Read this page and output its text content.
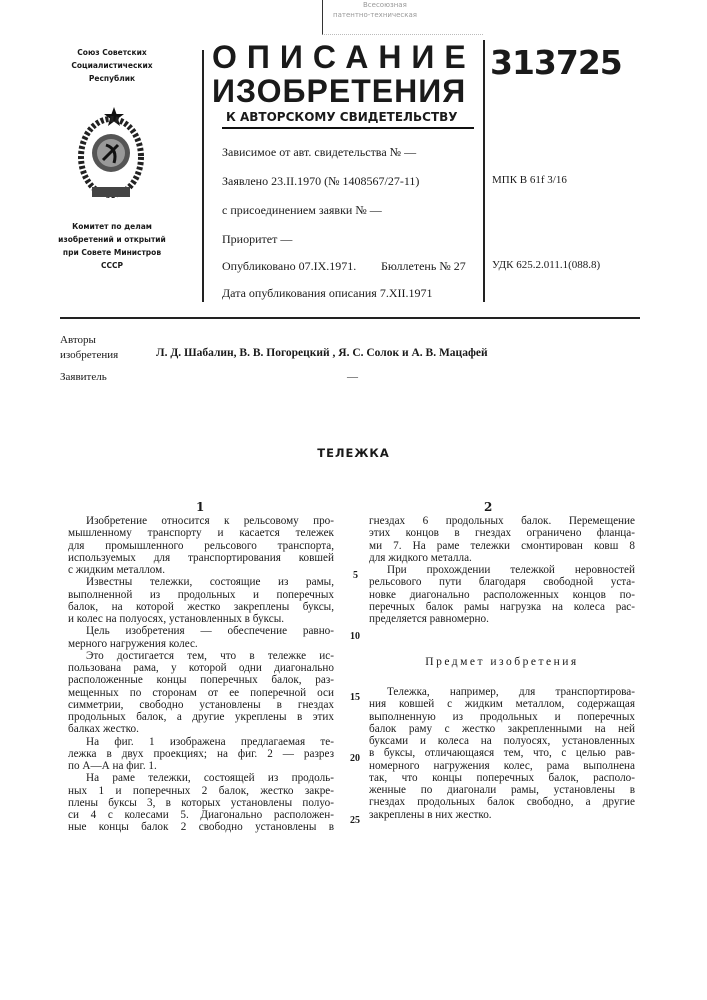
Всесоюзная
патентно-техническая
Союз Советских
Социалистических
Республик
Комитет по делам
изобретений и открытий
при Совете Министров
СССР
ОПИСАНИЕ
ИЗОБРЕТЕНИЯ
К АВТОРСКОМУ СВИДЕТЕЛЬСТВУ
313725
Зависимое от авт. свидетельства № —
Заявлено 23.II.1970 (№ 1408567/27-11)
с присоединением заявки № —
Приоритет —
Опубликовано 07.IX.1971. Бюллетень № 27
Дата опубликования описания 7.XII.1971
МПК B 61f 3/16
УДК 625.2.011.1(088.8)
Авторы
изобретения	Л. Д. Шабалин, В. В. Погорецкий , Я. С. Солок и А. В. Мацафей
Заявитель	—
ТЕЛЕЖКА
1	2
Изобретение относится к рельсовому про-
мышленному транспорту и касается тележек
для промышленного рельсового транспорта,
используемых для транспортирования ковшей
с жидким металлом.
Известны тележки, состоящие из рамы,
выполненной из продольных и поперечных
балок, на которой жестко закреплены буксы,
и колес на полуосях, установленных в буксы.
Цель изобретения — обеспечение равно-
мерного нагружения колес.
Это достигается тем, что в тележке ис-
пользована рама, у которой одни диагонально
расположенные концы поперечных балок, раз-
мещенных по сторонам от ее поперечной оси
симметрии, свободно установлены в гнездах
продольных балок, а другие укреплены в этих
балках жестко.
На фиг. 1 изображена предлагаемая те-
лежка в двух проекциях; на фиг. 2 — разрез
по А—А на фиг. 1.
На раме тележки, состоящей из продоль-
ных 1 и поперечных 2 балок, жестко закре-
плены буксы 3, в которых установлены полуо-
си 4 с колесами 5. Диагонально расположен-
ные концы балок 2 свободно установлены в
гнездах 6 продольных балок. Перемещение
этих концов в гнездах ограничено фланца-
ми 7. На раме тележки смонтирован ковш 8
для жидкого металла.
При прохождении тележкой неровностей
рельсового пути благодаря свободной уста-
новке диагонально расположенных концов по-
перечных балок рамы нагрузка на колеса рас-
пределяется равномерно.
Предмет изобретения
Тележка, например, для транспортирова-
ния ковшей с жидким металлом, содержащая
выполненную из продольных и поперечных
балок раму с жестко закрепленными на ней
буксами и колеса на полуосях, установленных
в буксы, отличающаяся тем, что, с целью рав-
номерного нагружения колес, рама выполнена
так, что концы поперечных балок, располо-
женные по диагонали рамы, установлены в
гнездах продольных балок свободно, а другие
закреплены в них жестко.
5
10
15
20
25
